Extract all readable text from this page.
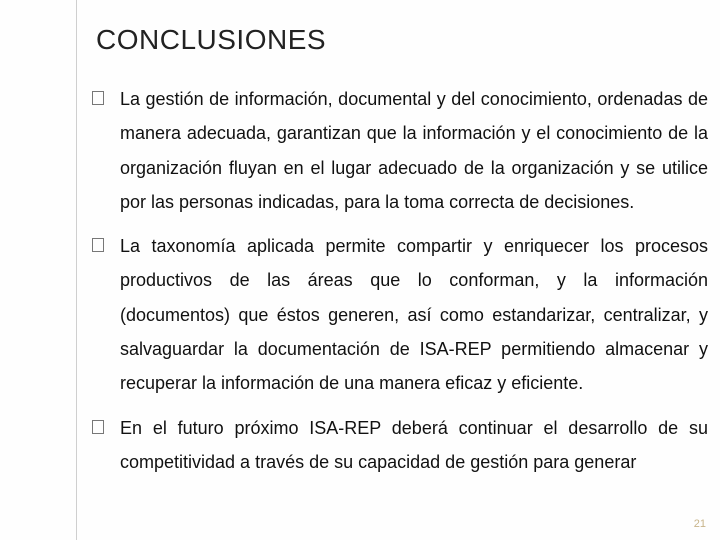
CONCLUSIONES
La gestión de información, documental y del conocimiento, ordenadas de manera adecuada, garantizan que la información y el conocimiento de la organización fluyan en el lugar adecuado de la organización y se utilice por las personas indicadas, para la toma correcta de decisiones.
La taxonomía aplicada permite compartir y enriquecer los procesos productivos de las áreas que lo conforman, y la información (documentos) que éstos generen, así como estandarizar, centralizar, y salvaguardar la documentación de ISA-REP permitiendo almacenar y recuperar la información de una manera eficaz y eficiente.
En el futuro próximo ISA-REP deberá continuar el desarrollo de su competitividad a través de su capacidad de gestión para generar
21
